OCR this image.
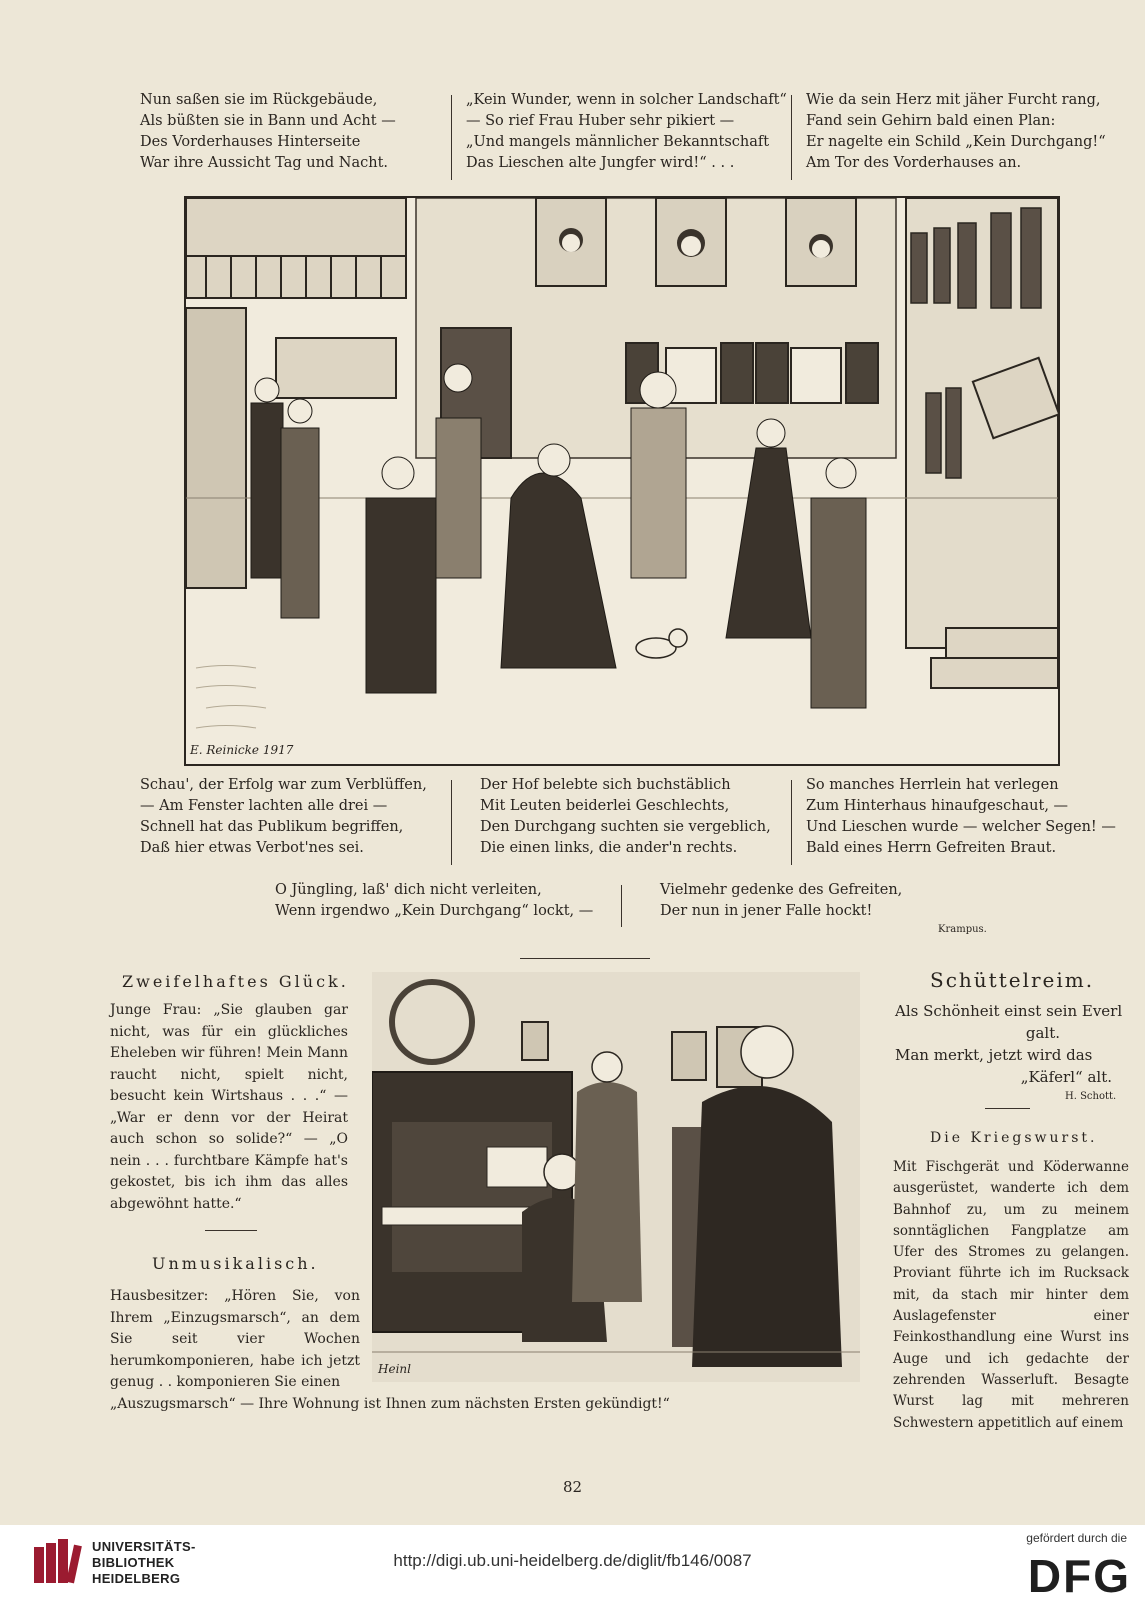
Nun saßen sie im Rückgebäude,
Als büßten sie in Bann und Acht —
Des Vorderhauses Hinterseite
War ihre Aussicht Tag und Nacht.
„Kein Wunder, wenn in solcher Landschaft“
— So rief Frau Huber sehr pikiert —
„Und mangels männlicher Bekanntschaft
Das Lieschen alte Jungfer wird!“ . . .
Wie da sein Herz mit jäher Furcht rang,
Fand sein Gehirn bald einen Plan:
Er nagelte ein Schild „Kein Durchgang!“
Am Tor des Vorderhauses an.
E. Reinicke 1917
Schau', der Erfolg war zum Verblüffen,
— Am Fenster lachten alle drei —
Schnell hat das Publikum begriffen,
Daß hier etwas Verbot'nes sei.
Der Hof belebte sich buchstäblich
Mit Leuten beiderlei Geschlechts,
Den Durchgang suchten sie vergeblich,
Die einen links, die ander'n rechts.
So manches Herrlein hat verlegen
Zum Hinterhaus hinaufgeschaut, —
Und Lieschen wurde — welcher Segen! —
Bald eines Herrn Gefreiten Braut.
O Jüngling, laß' dich nicht verleiten,
Wenn irgendwo „Kein Durchgang“ lockt, —
Vielmehr gedenke des Gefreiten,
Der nun in jener Falle hockt!
Krampus.
Zweifelhaftes Glück.
Junge Frau: „Sie glauben gar nicht, was für ein glückliches Eheleben wir führen! Mein Mann raucht nicht, spielt nicht, besucht kein Wirtshaus . . .“ — „War er denn vor der Heirat auch schon so solide?“ — „O nein . . . furchtbare Kämpfe hat's gekostet, bis ich ihm das alles abgewöhnt hatte.“
Unmusikalisch.
Hausbesitzer: „Hören Sie, von Ihrem „Einzugsmarsch“, an dem Sie seit vier Wochen herumkomponieren, habe ich jetzt genug . . komponieren Sie einen
„Auszugsmarsch“ — Ihre Wohnung ist Ihnen zum nächsten Ersten gekündigt!“
Heinl
Schüttelreim.
Als Schönheit einst sein Everl
galt.
Man merkt, jetzt wird das
„Käferl“ alt.
H. Schott.
Die Kriegswurst.
Mit Fischgerät und Köderwanne ausgerüstet, wanderte ich dem Bahnhof zu, um zu meinem sonntäglichen Fangplatze am Ufer des Stromes zu gelangen. Proviant führte ich im Rucksack mit, da stach mir hinter dem Auslagefenster einer Feinkosthandlung eine Wurst ins Auge und ich gedachte der zehrenden Wasserluft. Besagte Wurst lag mit mehreren Schwestern appetitlich auf einem
82
UNIVERSITÄTS-
BIBLIOTHEK
HEIDELBERG
http://digi.ub.uni-heidelberg.de/diglit/fb146/0087
gefördert durch die
DFG
